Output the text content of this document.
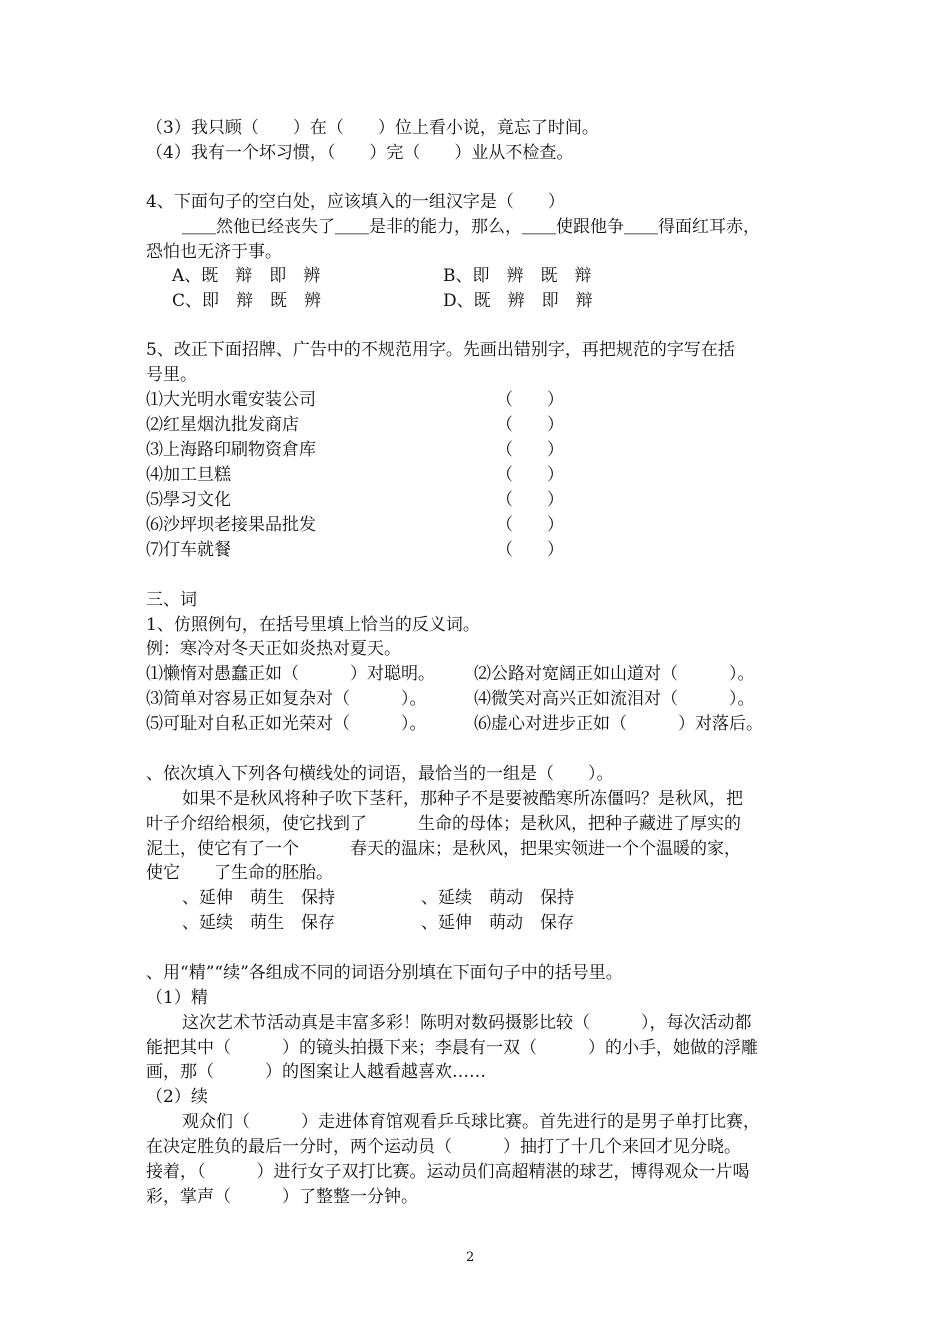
（3）我只顾（　　）在（　　）位上看小说，竟忘了时间。
（4）我有一个坏习惯，（　　）完（　　）业从不检查。
4、下面句子的空白处，应该填入的一组汉字是（　　）
＿＿然他已经丧失了＿＿是非的能力，那么，＿＿使跟他争＿＿得面红耳赤，
恐怕也无济于事。
A、既　辩　即　辨	B、即　辨　既　辩
C、即　辩　既　辨	D、既　辨　即　辩
5、改正下面招牌、广告中的不规范用字。先画出错别字，再把规范的字写在括
号里。
⑴大光明水電安装公司	（　　）
⑵红星烟氿批发商店	（　　）
⑶上海路印刷物资倉库	（　　）
⑷加工旦糕	（　　）
⑸學习文化	（　　）
⑹沙坪坝老接果品批发	（　　）
⑺仃车就餐	（　　）
三、词
1、仿照例句，在括号里填上恰当的反义词。
例：寒冷对冬天正如炎热对夏天。
⑴懒惰对愚蠢正如（　　　）对聪明。 ⑵公路对宽阔正如山道对（　　　）。
⑶简单对容易正如复杂对（　　　）。	⑷微笑对高兴正如流泪对（　　　）。
⑸可耻对自私正如光荣对（　　　）。	⑹虚心对进步正如（　　　）对落后。
、依次填入下列各句横线处的词语，最恰当的一组是（　　）。
如果不是秋风将种子吹下茎秆，那种子不是要被酷寒所冻僵吗？是秋风，把
叶子介绍给根须，使它找到了　　　生命的母体；是秋风，把种子藏进了厚实的
泥土，使它有了一个　　　春天的温床；是秋风，把果实领进一个个温暖的家，
使它　　了生命的胚胎。
、延伸　萌生　保持	、延续　萌动　保持
、延续　萌生　保存	、延伸　萌动　保存
、用“精”“续”各组成不同的词语分别填在下面句子中的括号里。
（1）精
这次艺术节活动真是丰富多彩！陈明对数码摄影比较（　　　），每次活动都
能把其中（　　　）的镜头拍摄下来；李晨有一双（　　　）的小手，她做的浮雕
画，那（　　　）的图案让人越看越喜欢……
（2）续
观众们（　　　）走进体育馆观看乒乓球比赛。首先进行的是男子单打比赛，
在决定胜负的最后一分时，两个运动员（　　　）抽打了十几个来回才见分晓。
接着，（　　　）进行女子双打比赛。运动员们高超精湛的球艺，博得观众一片喝
彩，掌声（　　　）了整整一分钟。
2
